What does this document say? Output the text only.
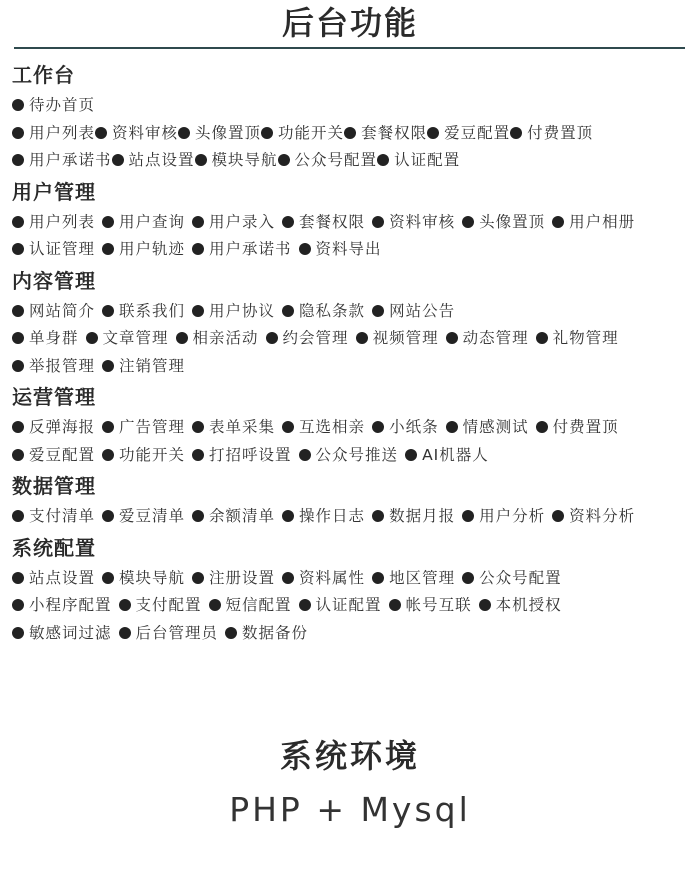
后台功能
工作台
待办首页
用户列表 资料审核 头像置顶 功能开关 套餐权限 爱豆配置 付费置顶
用户承诺书 站点设置 模块导航 公众号配置 认证配置
用户管理
用户列表 用户查询 用户录入 套餐权限 资料审核 头像置顶 用户相册
认证管理 用户轨迹 用户承诺书 资料导出
内容管理
网站简介 联系我们 用户协议 隐私条款 网站公告
单身群 文章管理 相亲活动 约会管理 视频管理 动态管理 礼物管理
举报管理 注销管理
运营管理
反弹海报 广告管理 表单采集 互选相亲 小纸条 情感测试 付费置顶
爱豆配置 功能开关 打招呼设置 公众号推送 AI机器人
数据管理
支付清单 爱豆清单 余额清单 操作日志 数据月报 用户分析 资料分析
系统配置
站点设置 模块导航 注册设置 资料属性 地区管理 公众号配置
小程序配置 支付配置 短信配置 认证配置 帐号互联 本机授权
敏感词过滤 后台管理员 数据备份
系统环境
PHP + Mysql
